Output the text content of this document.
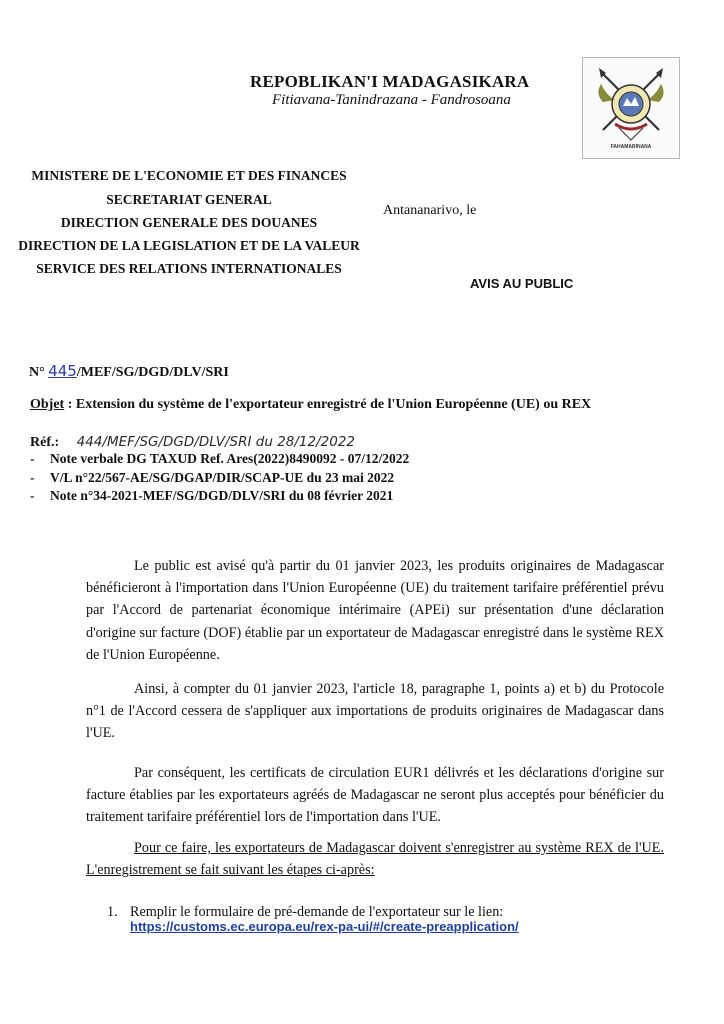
REPOBLIKAN'I MADAGASIKARA
Fitiavana-Tanindrazana - Fandrosoana
FAHAMARINANA
MINISTERE DE L'ECONOMIE ET DES FINANCES
SECRETARIAT GENERAL
DIRECTION GENERALE DES DOUANES
DIRECTION DE LA LEGISLATION ET DE LA VALEUR
SERVICE DES RELATIONS INTERNATIONALES
Antananarivo, le
AVIS AU PUBLIC
N° 445/MEF/SG/DGD/DLV/SRI
Objet : Extension du système de l'exportateur enregistré de l'Union Européenne (UE) ou REX
Réf.: 444/MEF/SG/DGD/DLV/SRI du 28/12/2022
- Note verbale DG TAXUD Ref. Ares(2022)8490092 - 07/12/2022
- V/L n°22/567-AE/SG/DGAP/DIR/SCAP-UE du 23 mai 2022
- Note n°34-2021-MEF/SG/DGD/DLV/SRI du 08 février 2021
Le public est avisé qu'à partir du 01 janvier 2023, les produits originaires de Madagascar bénéficieront à l'importation dans l'Union Européenne (UE) du traitement tarifaire préférentiel prévu par l'Accord de partenariat économique intérimaire (APEi) sur présentation d'une déclaration d'origine sur facture (DOF) établie par un exportateur de Madagascar enregistré dans le système REX de l'Union Européenne.
Ainsi, à compter du 01 janvier 2023, l'article 18, paragraphe 1, points a) et b) du Protocole n°1 de l'Accord cessera de s'appliquer aux importations de produits originaires de Madagascar dans l'UE.
Par conséquent, les certificats de circulation EUR1 délivrés et les déclarations d'origine sur facture établies par les exportateurs agréés de Madagascar ne seront plus acceptés pour bénéficier du traitement tarifaire préférentiel lors de l'importation dans l'UE.
Pour ce faire, les exportateurs de Madagascar doivent s'enregistrer au système REX de l'UE. L'enregistrement se fait suivant les étapes ci-après:
1. Remplir le formulaire de pré-demande de l'exportateur sur le lien:
https://customs.ec.europa.eu/rex-pa-ui/#/create-preapplication/
